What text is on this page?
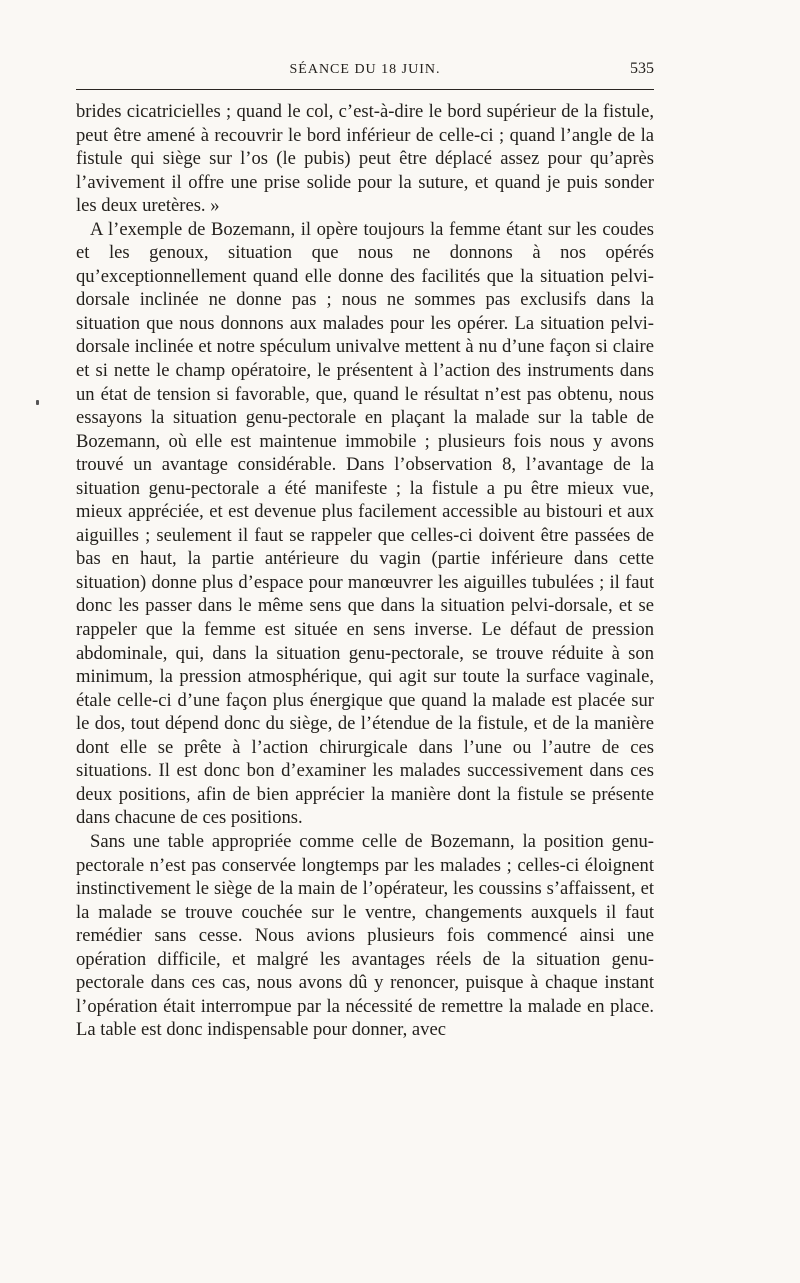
SÉANCE DU 18 JUIN.	535

brides cicatricielles ; quand le col, c’est-à-dire le bord supérieur de la fistule, peut être amené à recouvrir le bord inférieur de celle-ci ; quand l’angle de la fistule qui siège sur l’os (le pubis) peut être déplacé assez pour qu’après l’avivement il offre une prise solide pour la suture, et quand je puis sonder les deux uretères. »

A l’exemple de Bozemann, il opère toujours la femme étant sur les coudes et les genoux, situation que nous ne donnons à nos opérés qu’exceptionnellement quand elle donne des facilités que la situation pelvi-dorsale inclinée ne donne pas ; nous ne sommes pas exclusifs dans la situation que nous donnons aux malades pour les opérer. La situation pelvi-dorsale inclinée et notre spéculum univalve mettent à nu d’une façon si claire et si nette le champ opératoire, le présentent à l’action des instruments dans un état de tension si favorable, que, quand le résultat n’est pas obtenu, nous essayons la situation genu-pectorale en plaçant la malade sur la table de Bozemann, où elle est maintenue immobile ; plusieurs fois nous y avons trouvé un avantage considérable. Dans l’observation 8, l’avantage de la situation genu-pectorale a été manifeste ; la fistule a pu être mieux vue, mieux appréciée, et est devenue plus facilement accessible au bistouri et aux aiguilles ; seulement il faut se rappeler que celles-ci doivent être passées de bas en haut, la partie antérieure du vagin (partie inférieure dans cette situation) donne plus d’espace pour manœuvrer les aiguilles tubulées ; il faut donc les passer dans le même sens que dans la situation pelvi-dorsale, et se rappeler que la femme est située en sens inverse. Le défaut de pression abdominale, qui, dans la situation genu-pectorale, se trouve réduite à son minimum, la pression atmosphérique, qui agit sur toute la surface vaginale, étale celle-ci d’une façon plus énergique que quand la malade est placée sur le dos, tout dépend donc du siège, de l’étendue de la fistule, et de la manière dont elle se prête à l’action chirurgicale dans l’une ou l’autre de ces situations. Il est donc bon d’examiner les malades successivement dans ces deux positions, afin de bien apprécier la manière dont la fistule se présente dans chacune de ces positions.

Sans une table appropriée comme celle de Bozemann, la position genu-pectorale n’est pas conservée longtemps par les malades ; celles-ci éloignent instinctivement le siège de la main de l’opérateur, les coussins s’affaissent, et la malade se trouve couchée sur le ventre, changements auxquels il faut remédier sans cesse. Nous avions plusieurs fois commencé ainsi une opération difficile, et malgré les avantages réels de la situation genu-pectorale dans ces cas, nous avons dû y renoncer, puisque à chaque instant l’opération était interrompue par la nécessité de remettre la malade en place. La table est donc indispensable pour donner, avec
